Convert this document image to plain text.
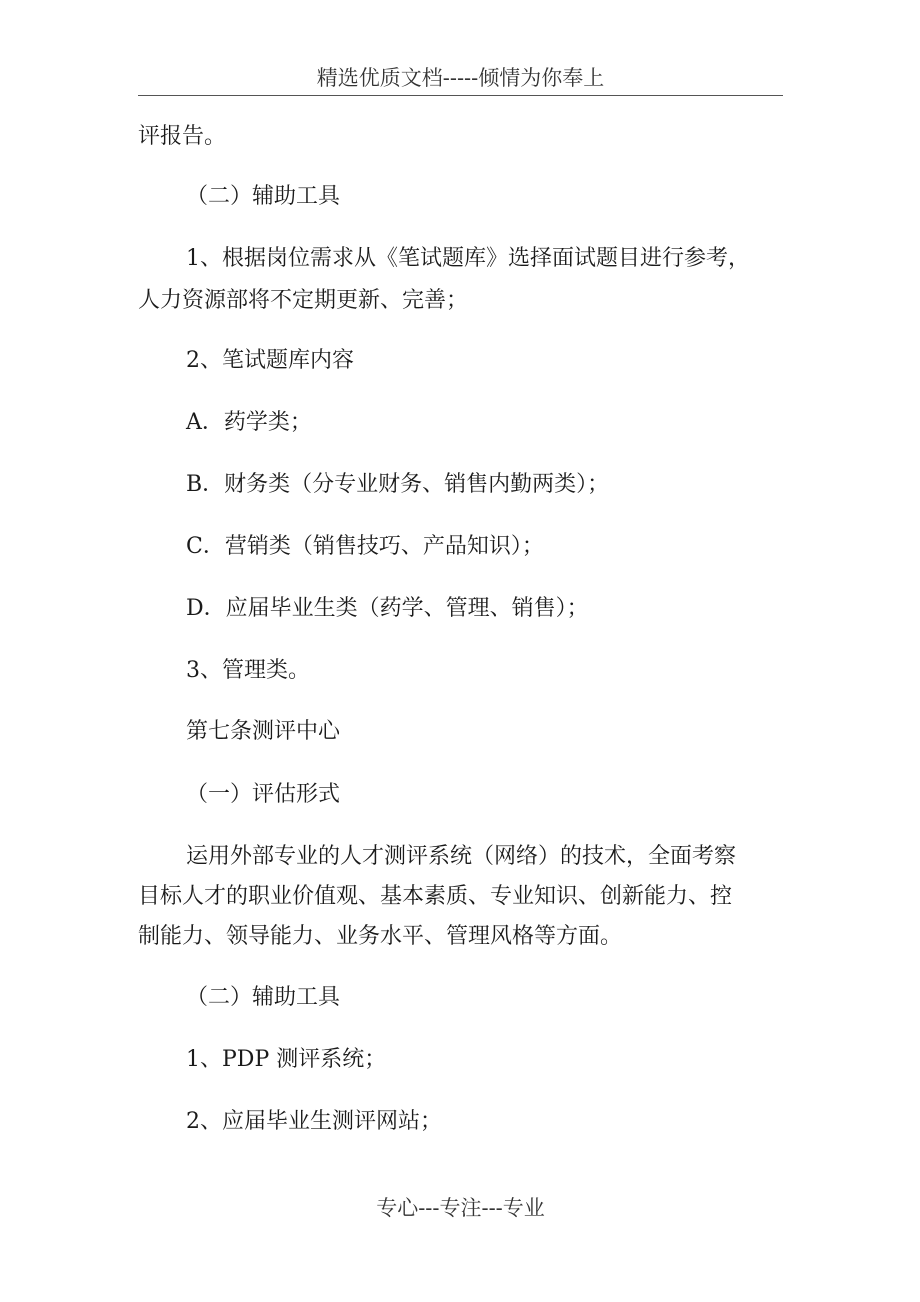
精选优质文档-----倾情为你奉上
评报告。
（二）辅助工具
1、根据岗位需求从《笔试题库》选择面试题目进行参考，
人力资源部将不定期更新、完善；
2、笔试题库内容
A．药学类；
B．财务类（分专业财务、销售内勤两类）；
C．营销类（销售技巧、产品知识）；
D．应届毕业生类（药学、管理、销售）；
3、管理类。
第七条测评中心
（一）评估形式
运用外部专业的人才测评系统（网络）的技术，全面考察
目标人才的职业价值观、基本素质、专业知识、创新能力、控
制能力、领导能力、业务水平、管理风格等方面。
（二）辅助工具
1、PDP 测评系统；
2、应届毕业生测评网站；
专心---专注---专业
